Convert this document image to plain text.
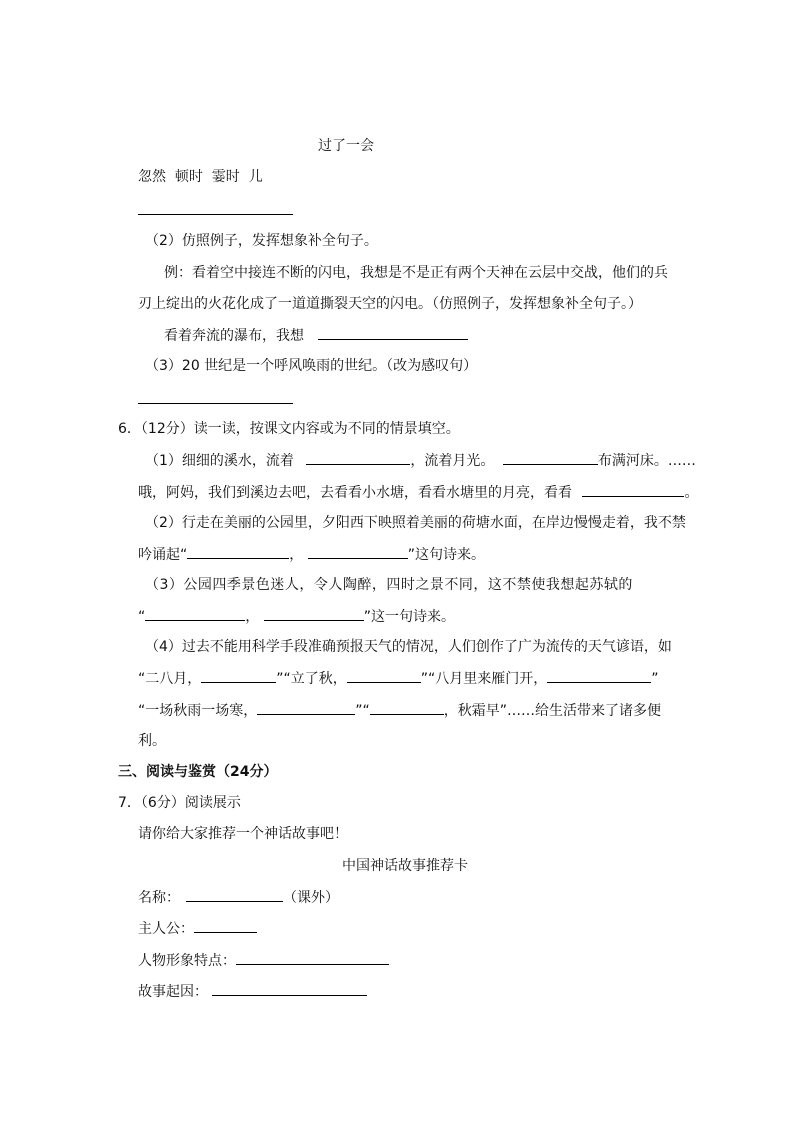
过了一会
忽然  顿时  霎时  儿
（2）仿照例子，发挥想象补全句子。
例：看着空中接连不断的闪电，我想是不是正有两个天神在云层中交战，他们的兵
刃上绽出的火花化成了一道道撕裂天空的闪电。（仿照例子，发挥想象补全句子。）
看着奔流的瀑布，我想
（3）20 世纪是一个呼风唤雨的世纪。（改为感叹句）
6．（12分）读一读，按课文内容或为不同的情景填空。
（1）细细的溪水，流着	，流着月光。	布满河床。……
哦，阿妈，我们到溪边去吧，去看看小水塘，看看水塘里的月亮，看看	。
（2）行走在美丽的公园里，夕阳西下映照着美丽的荷塘水面，在岸边慢慢走着，我不禁
吟诵起“	，	”这句诗来。
（3）公园四季景色迷人，令人陶醉，四时之景不同，这不禁使我想起苏轼的
“	，	”这一句诗来。
（4）过去不能用科学手段准确预报天气的情况，人们创作了广为流传的天气谚语，如
“二八月，	”“立了秋，	”“八月里来雁门开，	”
“一场秋雨一场寒，	”“	，秋霜早”……给生活带来了诸多便
利。
三、阅读与鉴赏（24分）
7．（6分）阅读展示
请你给大家推荐一个神话故事吧！
中国神话故事推荐卡
名称：	（课外）
主人公：
人物形象特点：
故事起因：
